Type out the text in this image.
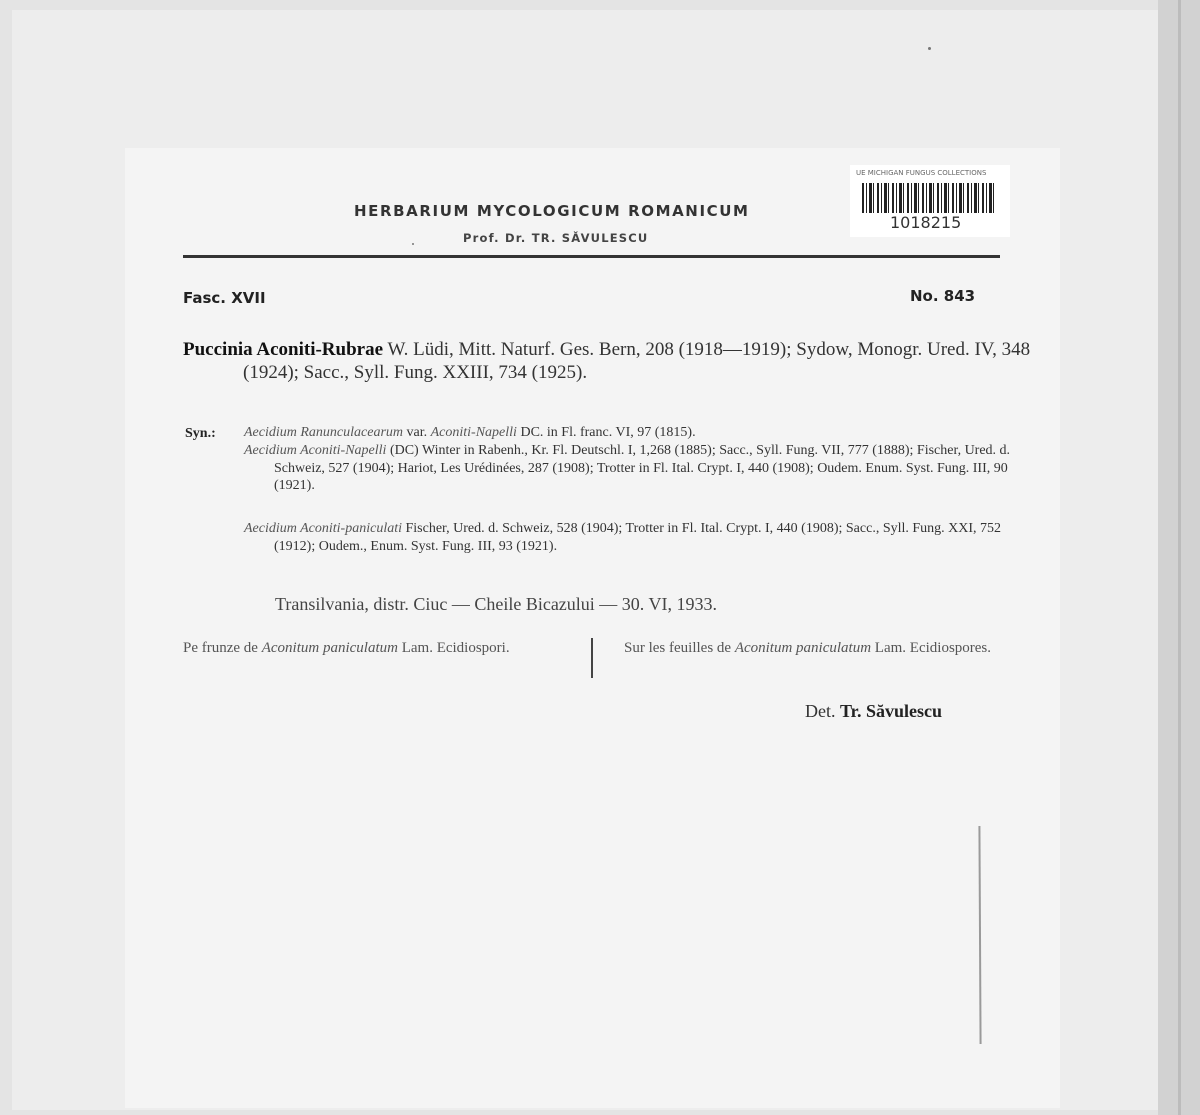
UE MICHIGAN FUNGUS COLLECTIONS
1018215
HERBARIUM MYCOLOGICUM ROMANICUM
Prof. Dr. TR. SĂVULESCU
Fasc. XVII	No. 843
Puccinia Aconiti-Rubrae W. Lüdi, Mitt. Naturf. Ges. Bern, 208 (1918—1919); Sydow, Monogr. Ured. IV, 348 (1924); Sacc., Syll. Fung. XXIII, 734 (1925).
Syn.: Aecidium Ranunculacearum var. Aconiti-Napelli DC. in Fl. franc. VI, 97 (1815).
Aecidium Aconiti-Napelli (DC) Winter in Rabenh., Kr. Fl. Deutschl. I, 1,268 (1885); Sacc., Syll. Fung. VII, 777 (1888); Fischer, Ured. d. Schweiz, 527 (1904); Hariot, Les Urédinées, 287 (1908); Trotter in Fl. Ital. Crypt. I, 440 (1908); Oudem. Enum. Syst. Fung. III, 90 (1921).
Aecidium Aconiti-paniculati Fischer, Ured. d. Schweiz, 528 (1904); Trotter in Fl. Ital. Crypt. I, 440 (1908); Sacc., Syll. Fung. XXI, 752 (1912); Oudem., Enum. Syst. Fung. III, 93 (1921).
Transilvania, distr. Ciuc — Cheile Bicazului — 30. VI, 1933.
Pe frunze de Aconitum paniculatum Lam. Ecidiospori.	Sur les feuilles de Aconitum paniculatum Lam. Ecidiospores.
Det. Tr. Săvulescu
